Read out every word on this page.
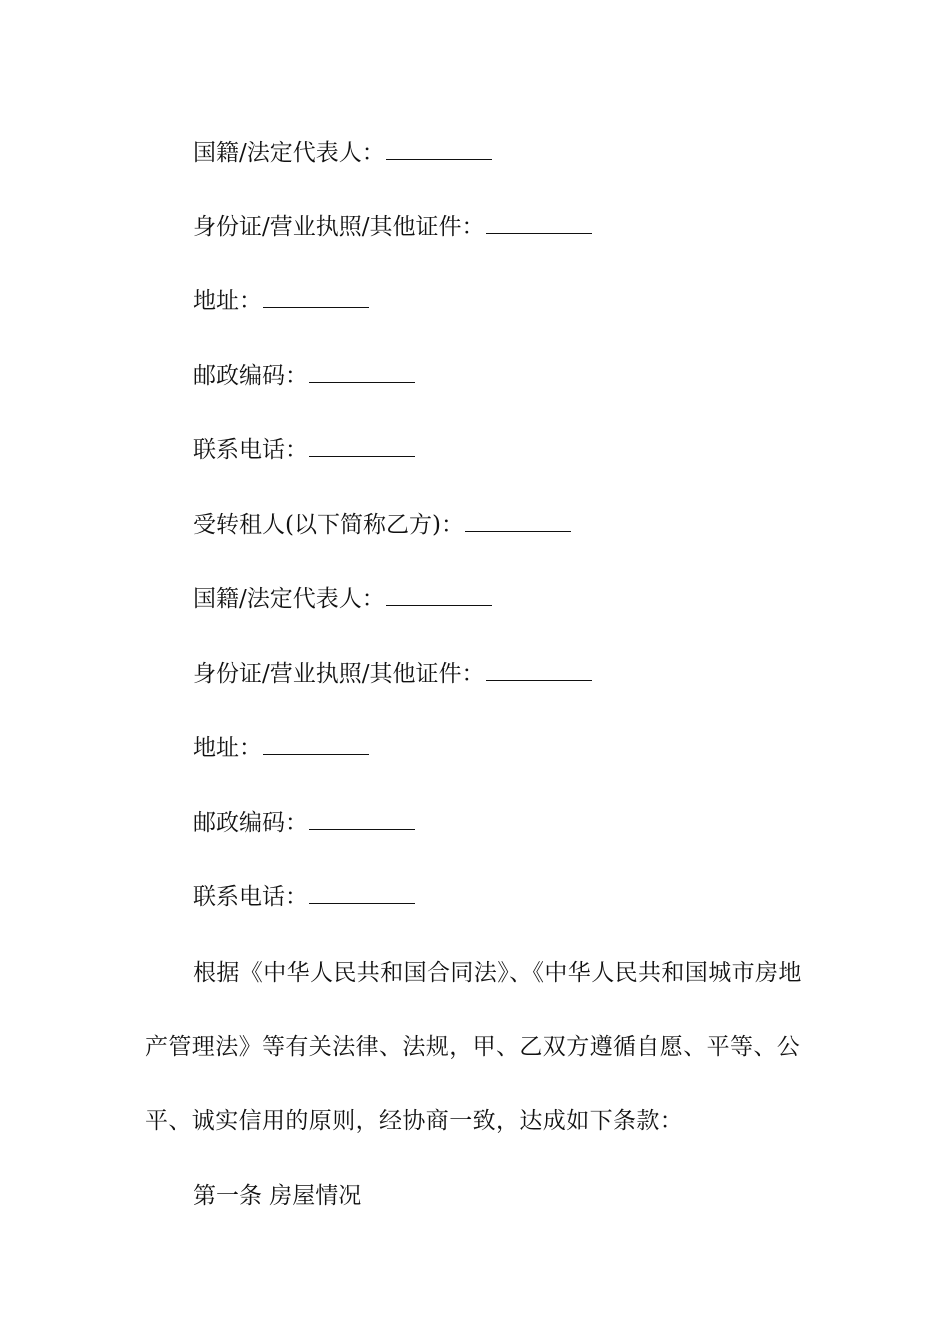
国籍/法定代表人：
身份证/营业执照/其他证件：
地址：
邮政编码：
联系电话：
受转租人(以下简称乙方)：
国籍/法定代表人：
身份证/营业执照/其他证件：
地址：
邮政编码：
联系电话：
根据《中华人民共和国合同法》、《中华人民共和国城市房地产管理法》等有关法律、法规，甲、乙双方遵循自愿、平等、公平、诚实信用的原则，经协商一致，达成如下条款：
第一条 房屋情况
